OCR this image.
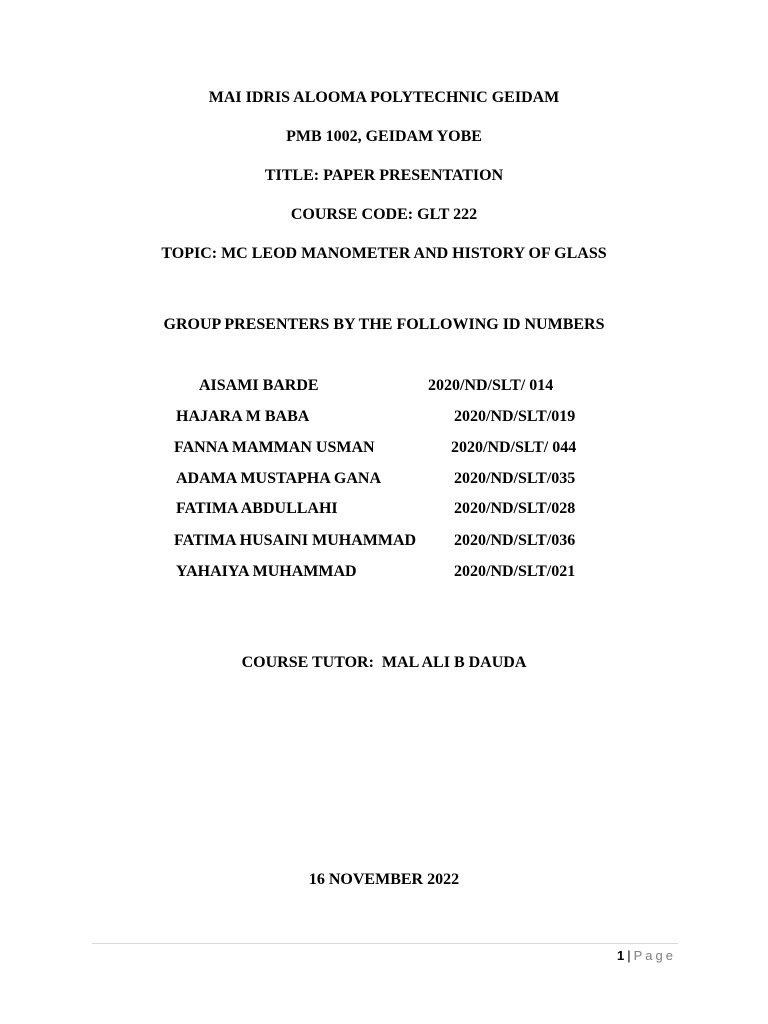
MAI IDRIS ALOOMA POLYTECHNIC GEIDAM
PMB 1002, GEIDAM YOBE
TITLE: PAPER PRESENTATION
COURSE CODE: GLT 222
TOPIC: MC LEOD MANOMETER AND HISTORY OF GLASS
GROUP PRESENTERS BY THE FOLLOWING ID NUMBERS
AISAMI BARDE	2020/ND/SLT/ 014
HAJARA M BABA	2020/ND/SLT/019
FANNA MAMMAN USMAN	2020/ND/SLT/ 044
ADAMA MUSTAPHA GANA	2020/ND/SLT/035
FATIMA ABDULLAHI	2020/ND/SLT/028
FATIMA HUSAINI MUHAMMAD 2020/ND/SLT/036
YAHAIYA MUHAMMAD	2020/ND/SLT/021
COURSE TUTOR:  MAL ALI B DAUDA
16 NOVEMBER 2022
1 | Page
